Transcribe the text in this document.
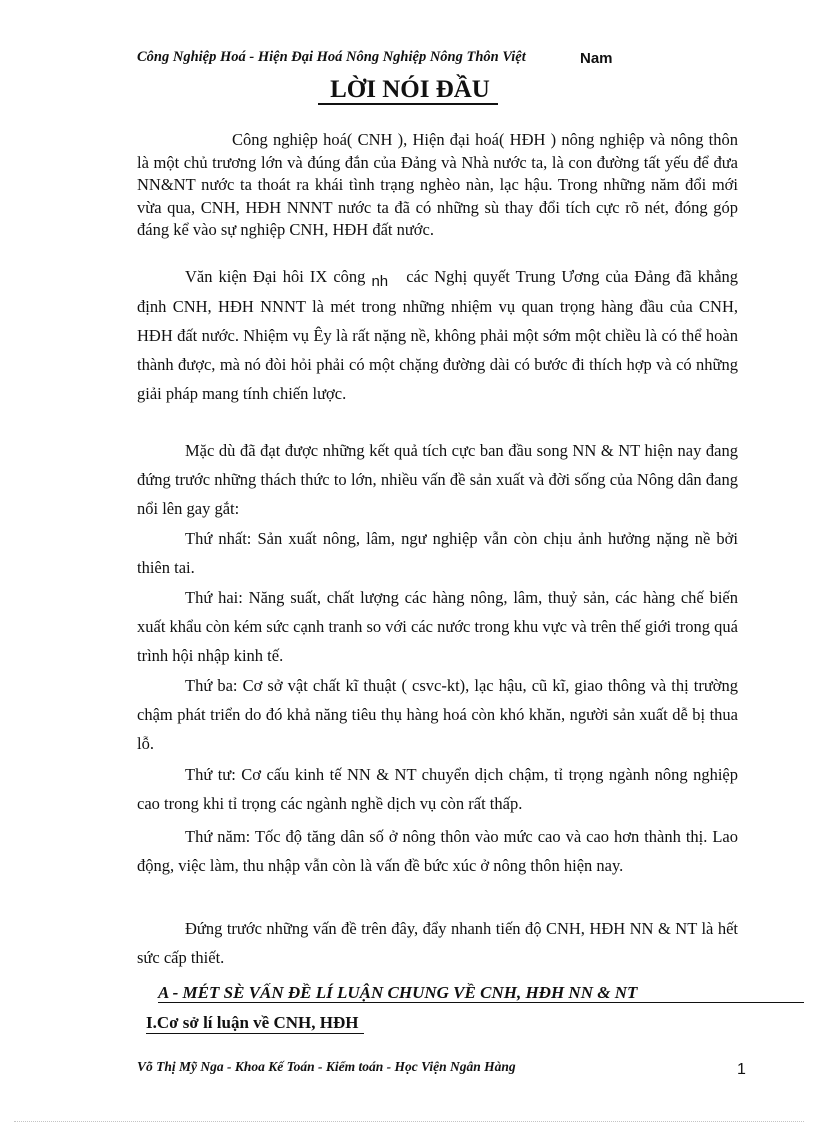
Công Nghiệp Hoá - Hiện Đại Hoá Nông Nghiệp Nông Thôn Việt	Nam
LỜI NÓI ĐẦU

Công nghiệp hoá( CNH ), Hiện đại hoá( HĐH ) nông nghiệp và nông thôn là một chủ trương lớn và đúng đắn của Đảng và Nhà nước ta, là con đường tất yếu để đưa NN&NT nước ta thoát ra khái tình trạng nghèo nàn, lạc hậu. Trong những năm đổi mới vừa qua, CNH, HĐH NNNT nước ta đã có những sù thay đổi tích cực rõ nét, đóng góp đáng kể vào sự nghiệp CNH, HĐH đất nước.

Văn kiện Đại hôi IX công nh các Nghị quyết Trung Ương của Đảng đã khẳng định CNH, HĐH NNNT là mét trong những nhiệm vụ quan trọng hàng đầu của CNH, HĐH đất nước. Nhiệm vụ Êy là rất nặng nề, không phải một sớm một chiều là có thể hoàn thành được, mà nó đòi hỏi phải có một chặng đường dài có bước đi thích hợp và có những giải pháp mang tính chiến lược.

Mặc dù đã đạt được những kết quả tích cực ban đầu song NN & NT hiện nay đang đứng trước những thách thức to lớn, nhiều vấn đề sản xuất và đời sống của Nông dân đang nổi lên gay gắt:

Thứ nhất: Sản xuất nông, lâm, ngư nghiệp vẫn còn chịu ảnh hưởng nặng nề bởi thiên tai.

Thứ hai: Năng suất, chất lượng các hàng nông, lâm, thuỷ sản, các hàng chế biến xuất khẩu còn kém sức cạnh tranh so với các nước trong khu vực và trên thế giới trong quá trình hội nhập kinh tế.

Thứ ba: Cơ sở vật chất kĩ thuật ( csvc-kt), lạc hậu, cũ kĩ, giao thông và thị trường chậm phát triển do đó khả năng tiêu thụ hàng hoá còn khó khăn, người sản xuất dễ bị thua lỗ.

Thứ tư: Cơ cấu kinh tế NN & NT chuyển dịch chậm, tỉ trọng ngành nông nghiệp cao trong khi tỉ trọng các ngành nghề dịch vụ còn rất thấp.

Thứ năm: Tốc độ tăng dân số ở nông thôn vào mức cao và cao hơn thành thị. Lao động, việc làm, thu nhập vẫn còn là vấn đề bức xúc ở nông thôn hiện nay.

Đứng trước những vấn đề trên đây, đẩy nhanh tiến độ CNH, HĐH NN & NT là hết sức cấp thiết.

A - MÉT SÈ VẤN ĐỀ LÍ LUẬN CHUNG VỀ CNH, HĐH NN & NT
I.Cơ sở lí luận về CNH, HĐH
Võ Thị Mỹ Nga - Khoa Kế Toán - Kiểm toán - Học Viện Ngân Hàng	1
